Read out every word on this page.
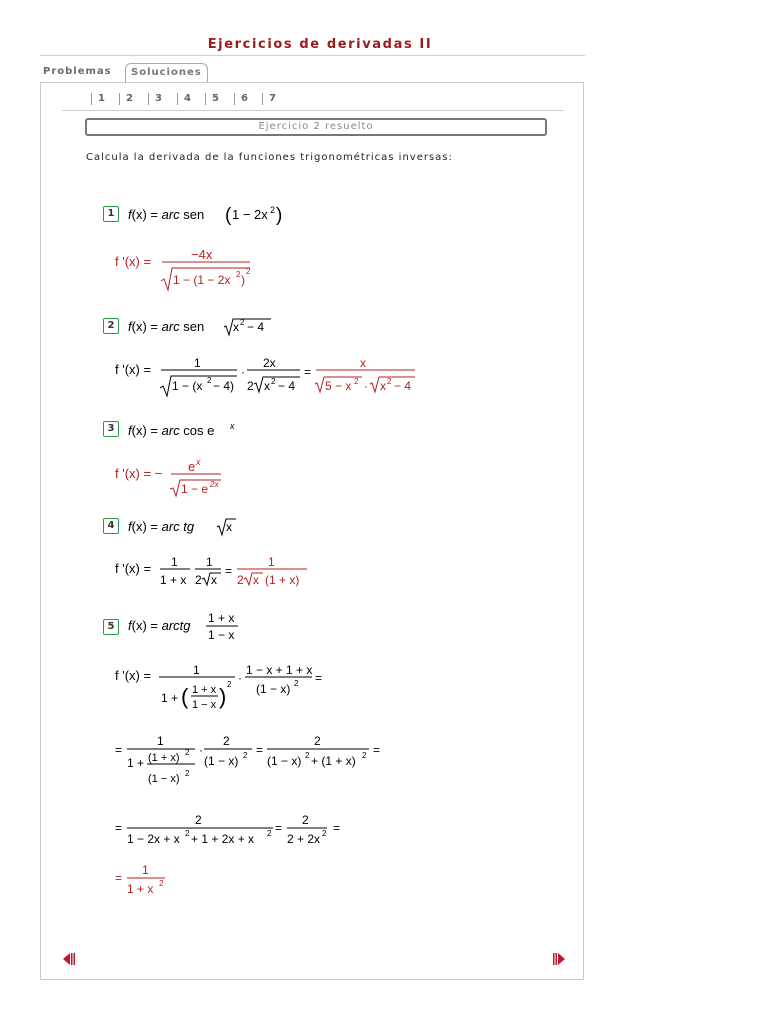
Ejercicios de derivadas II
Problemas	Soluciones
1	2	3	4	5	6	7
Ejercicio 2 resuelto
Calcula la derivada de la funciones trigonométricas inversas:
1
2
3
4
5
f(x) = arc sen ( 1 − 2x 2 )
f '(x) =	−4x
1 − (1 − 2x 2 )
2
f(x) = arc sen x 2 − 4
f '(x) =	1
1 − (x 2 − 4)
·
2x
2 x 2 − 4
=
x
5 − x 2 · x 2 − 4
f(x) = arc cos e x
f '(x) = − e x
1 − e 2x
f(x) = arc tg	x
f '(x) = 1
1 + x
1
2 x
=
1
2 x (1 + x)
f(x) = arctg 1 + x
1 − x
f '(x) =	1
1 + ( 1 + x
1 − x ) 2 ·
1 − x + 1 + x
(1 − x) 2 =
=
1
1 + (1 + x) 2
(1 − x) 2
·
2
(1 − x) 2 =
2
(1 − x) 2 + (1 + x) 2 =
=
2
1 − 2x + x 2 + 1 + 2x + x 2 =
2
2 + 2x 2 =
=
1
1 + x 2
